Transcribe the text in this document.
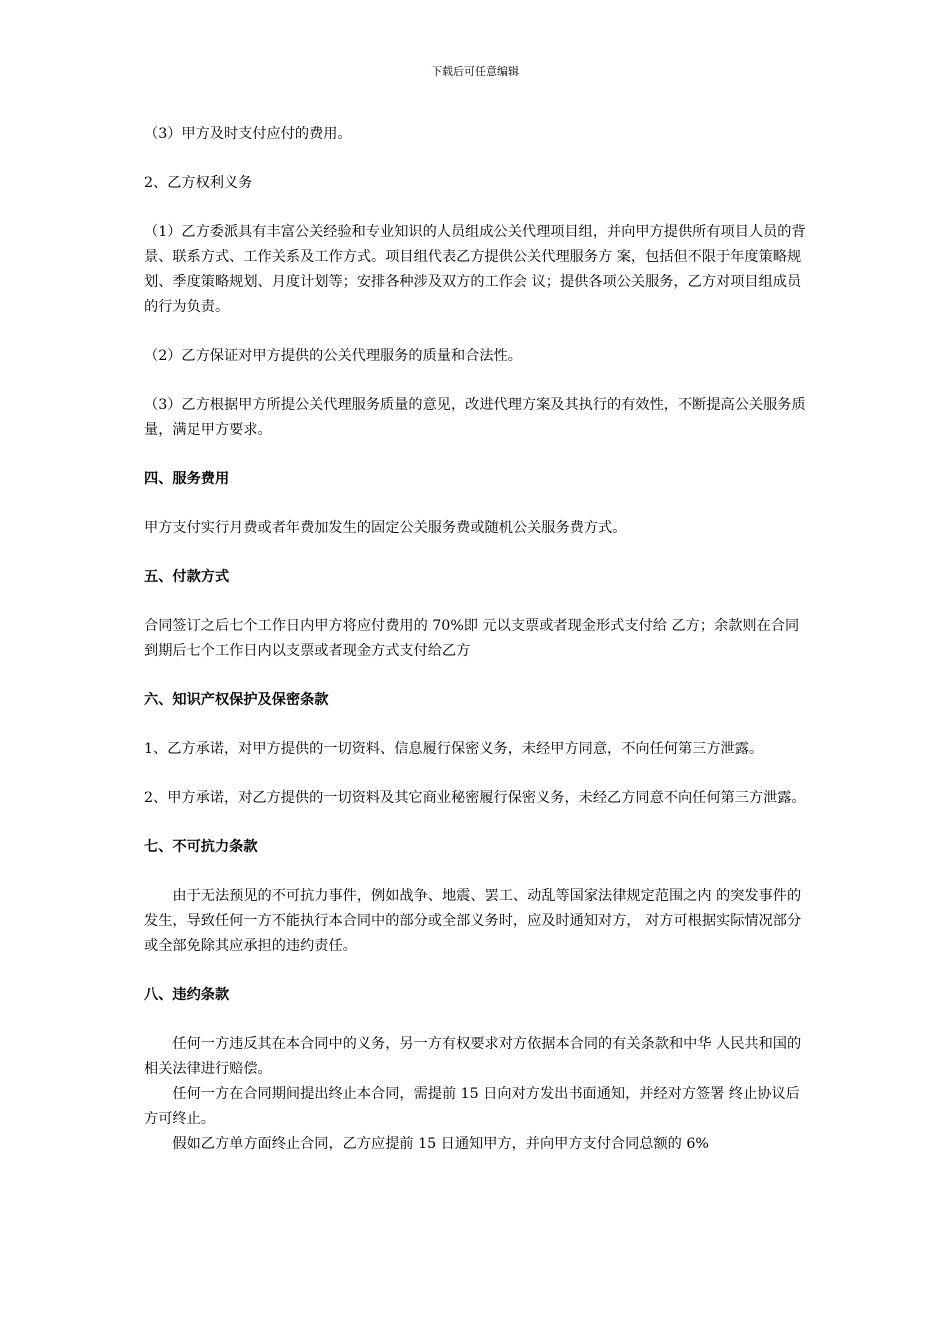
下载后可任意编辑

（3）甲方及时支付应付的费用。

2、乙方权利义务

（1）乙方委派具有丰富公关经验和专业知识的人员组成公关代理项目组，并向甲方提供所有项目人员的背景、联系方式、工作关系及工作方式。项目组代表乙方提供公关代理服务方 案，包括但不限于年度策略规划、季度策略规划、月度计划等；安排各种涉及双方的工作会 议；提供各项公关服务，乙方对项目组成员的行为负责。

（2）乙方保证对甲方提供的公关代理服务的质量和合法性。

（3）乙方根据甲方所提公关代理服务质量的意见，改进代理方案及其执行的有效性，不断提高公关服务质量，满足甲方要求。

四、服务费用

甲方支付实行月费或者年费加发生的固定公关服务费或随机公关服务费方式。

五、付款方式

合同签订之后七个工作日内甲方将应付费用的 70%即 元以支票或者现金形式支付给 乙方；余款则在合同到期后七个工作日内以支票或者现金方式支付给乙方

六、知识产权保护及保密条款

1、乙方承诺，对甲方提供的一切资料、信息履行保密义务，未经甲方同意，不向任何第三方泄露。

2、甲方承诺，对乙方提供的一切资料及其它商业秘密履行保密义务，未经乙方同意不向任何第三方泄露。

七、不可抗力条款

由于无法预见的不可抗力事件，例如战争、地震、罢工、动乱等国家法律规定范围之内 的突发事件的发生，导致任何一方不能执行本合同中的部分或全部义务时，应及时通知对方， 对方可根据实际情况部分或全部免除其应承担的违约责任。

八、违约条款

任何一方违反其在本合同中的义务，另一方有权要求对方依据本合同的有关条款和中华 人民共和国的相关法律进行赔偿。

任何一方在合同期间提出终止本合同，需提前 15 日向对方发出书面通知，并经对方签署 终止协议后方可终止。

假如乙方单方面终止合同，乙方应提前 15 日通知甲方，并向甲方支付合同总额的 6%
